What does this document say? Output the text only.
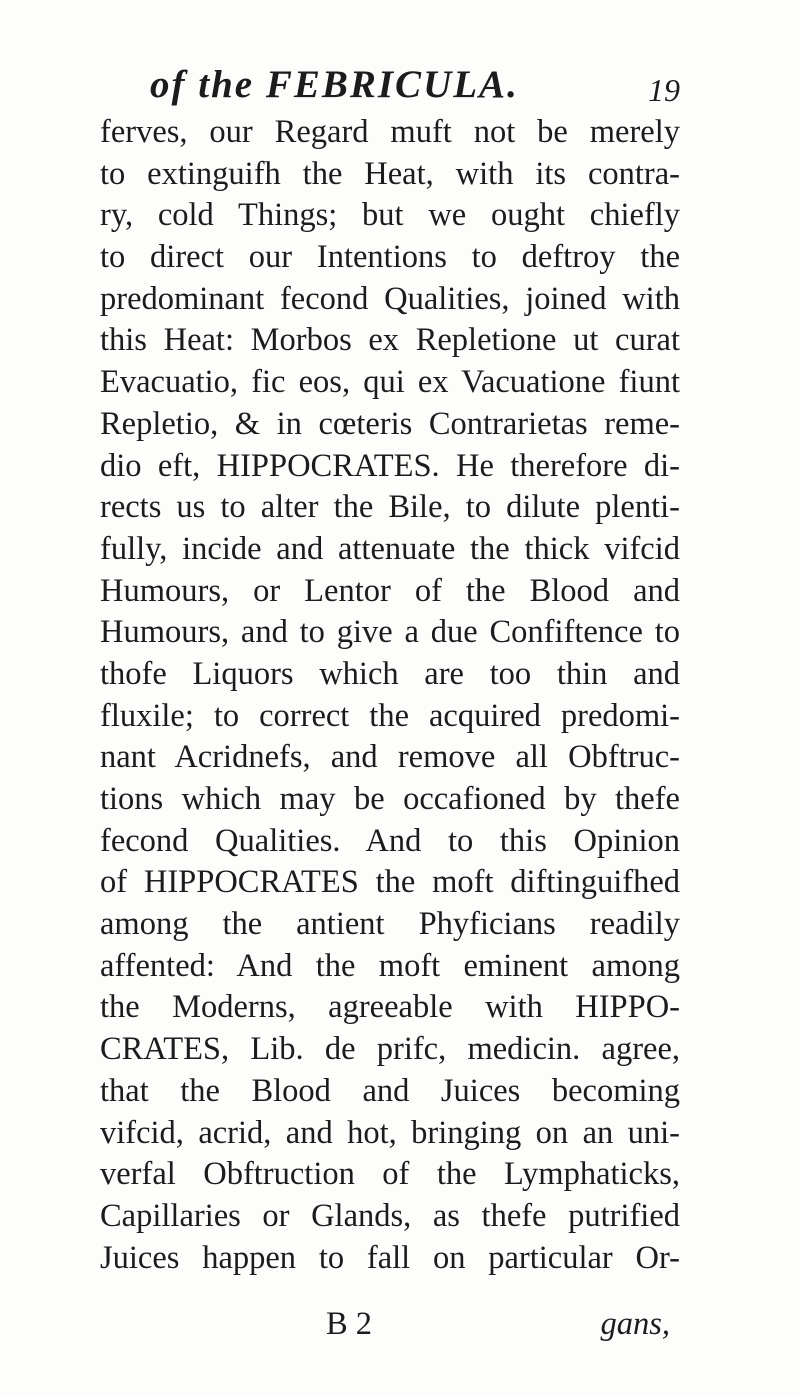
of the FEBRICULA.	19
ferves, our Regard muft not be merely
to extinguifh the Heat, with its contra-
ry, cold Things; but we ought chiefly
to direct our Intentions to deftroy the
predominant fecond Qualities, joined with
this Heat: Morbos ex Repletione ut curat
Evacuatio, fic eos, qui ex Vacuatione fiunt
Repletio, & in cœteris Contrarietas reme-
dio eft, HIPPOCRATES. He therefore di-
rects us to alter the Bile, to dilute plenti-
fully, incide and attenuate the thick vifcid
Humours, or Lentor of the Blood and
Humours, and to give a due Confiftence to
thofe Liquors which are too thin and
fluxile; to correct the acquired predomi-
nant Acridnefs, and remove all Obftruc-
tions which may be occafioned by thefe
fecond Qualities. And to this Opinion
of HIPPOCRATES the moft diftinguifhed
among the antient Phyficians readily
affented: And the moft eminent among
the Moderns, agreeable with HIPPO-
CRATES, Lib. de prifc, medicin. agree,
that the Blood and Juices becoming
vifcid, acrid, and hot, bringing on an uni-
verfal Obftruction of the Lymphaticks,
Capillaries or Glands, as thefe putrified
Juices happen to fall on particular Or-
B 2	gans,
